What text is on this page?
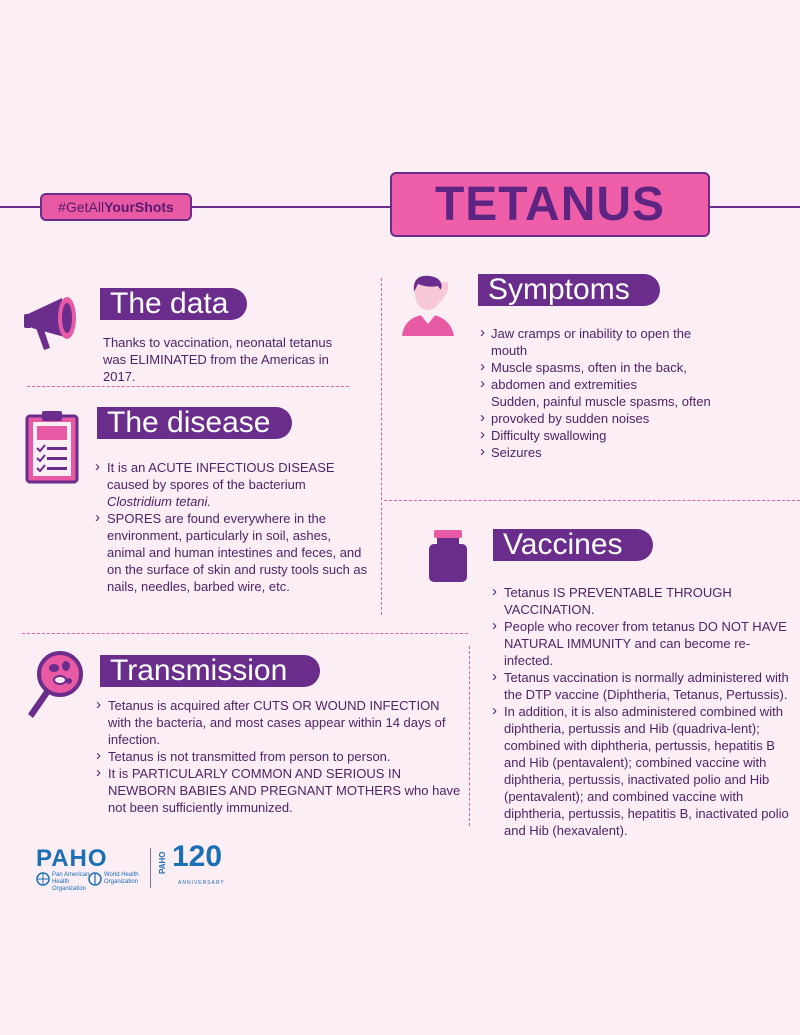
#GetAllYourShots	TETANUS
The data
Thanks to vaccination, neonatal tetanus was ELIMINATED from the Americas in 2017.
The disease
› It is an ACUTE INFECTIOUS DISEASE caused by spores of the bacterium
Clostridium tetani.
› SPORES are found everywhere in the environment, particularly in soil, ashes, animal and human intestines and feces, and on the surface of skin and rusty tools such as nails, needles, barbed wire, etc.
Symptoms
›

›
›

›
›
›
Jaw cramps or inability to open the
mouth
Muscle spasms, often in the back,
abdomen and extremities
Sudden, painful muscle spasms, often
provoked by sudden noises
Difficulty swallowing
Seizures
Vaccines
› Tetanus IS PREVENTABLE THROUGH VACCINATION.
› People who recover from tetanus DO NOT HAVE NATURAL IMMUNITY and can become re-infected.
› Tetanus vaccination is normally administered with the DTP vaccine (Diphtheria, Tetanus, Pertussis).
› In addition, it is also administered combined with diphtheria, pertussis and Hib (quadriva-lent); combined with diphtheria, pertussis, hepatitis B and Hib (pentavalent); combined vaccine with diphtheria, pertussis, inactivated polio and Hib (pentavalent); and combined vaccine with diphtheria, pertussis, hepatitis B, inactivated polio and Hib (hexavalent).
Transmission
› Tetanus is acquired after CUTS OR WOUND INFECTION with the bacteria, and most cases appear within 14 days of infection.
› Tetanus is not transmitted from person to person.
› It is PARTICULARLY COMMON AND SERIOUS IN NEWBORN BABIES AND PREGNANT MOTHERS who have not been sufficiently immunized.
PAHO
Pan American
Health
Organization
World Health
Organization
PAHO 120
ANNIVERSARY
